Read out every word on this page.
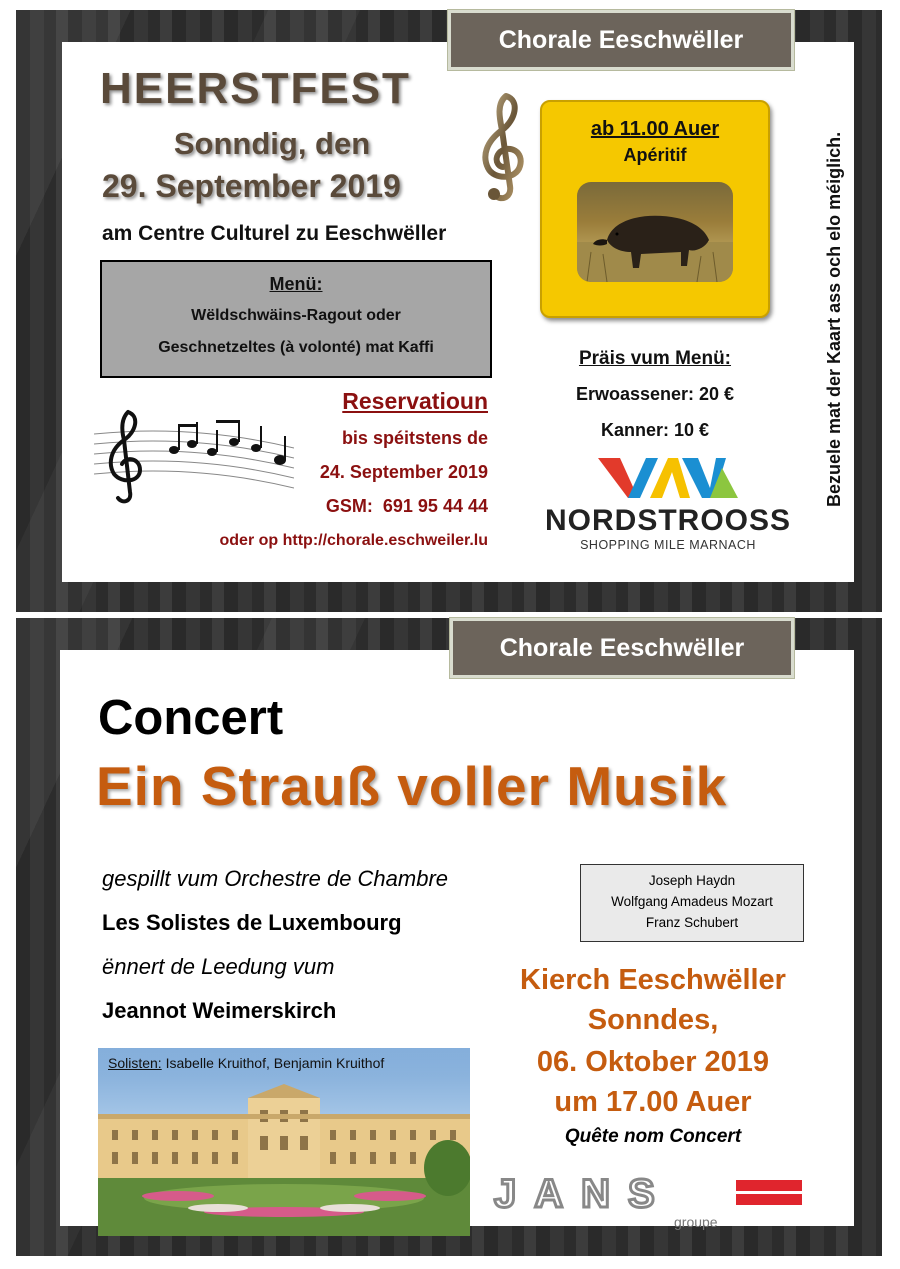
HEERSTFEST
Sonndig, den
29. September 2019
am Centre Culturel zu Eeschwëller
Menü:
Wëldschwäins-Ragout oder
Geschnetzeltes (à volonté) mat Kaffi
Reservatioun
bis spéitstens de
24. September 2019
GSM:  691 95 44 44
oder op http://chorale.eschweiler.lu
ab 11.00 Auer
Apéritif
Präis vum Menü:
Erwoassener: 20 €
Kanner: 10 €
NORDSTROOSS
SHOPPING MILE MARNACH
Bezuele mat der Kaart ass och elo méiglich.
Chorale Eeschwëller
Concert
Ein Strauß voller Musik
gespillt vum Orchestre de Chambre
Les Solistes de Luxembourg
ënnert de Leedung vum
Jeannot Weimerskirch
Joseph Haydn
Wolfgang Amadeus Mozart
Franz Schubert
Solisten: Isabelle Kruithof, Benjamin Kruithof
Kierch Eeschwëller
Sonndes,
06. Oktober 2019
um 17.00 Auer
Quête nom Concert
JANS
groupe
Chorale Eeschwëller
